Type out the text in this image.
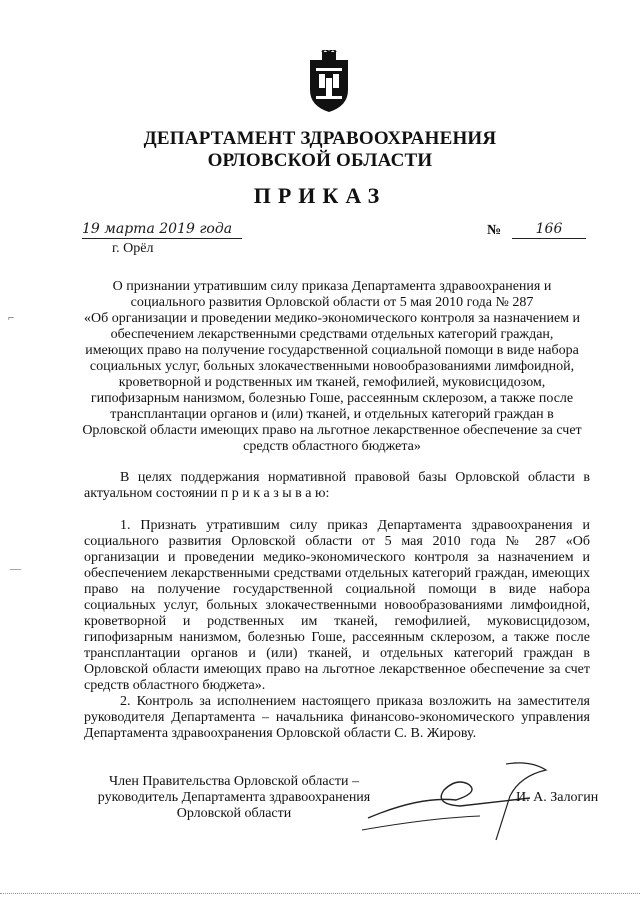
ДЕПАРТАМЕНТ ЗДРАВООХРАНЕНИЯ
ОРЛОВСКОЙ ОБЛАСТИ
ПРИКАЗ
19 марта 2019 года
г. Орёл
№	166
⌐
—
О признании утратившим силу приказа Департамента здравоохранения и
социального развития Орловской области от 5 мая 2010 года № 287
«Об организации и проведении медико-экономического контроля за назначением и
обеспечением лекарственными средствами отдельных категорий граждан,
имеющих право на получение государственной социальной помощи в виде набора
социальных услуг, больных злокачественными новообразованиями лимфоидной,
кроветворной и родственных им тканей, гемофилией, муковисцидозом,
гипофизарным нанизмом, болезнью Гоше, рассеянным склерозом, а также после
трансплантации органов и (или) тканей, и отдельных категорий граждан в
Орловской области имеющих право на льготное лекарственное обеспечение за счет
средств областного бюджета»
В целях поддержания нормативной правовой базы Орловской области в актуальном состоянии п р и к а з ы в а ю:
1. Признать утратившим силу приказ Департамента здравоохранения и социального развития Орловской области от 5 мая 2010 года № 287 «Об организации и проведении медико-экономического контроля за назначением и обеспечением лекарственными средствами отдельных категорий граждан, имеющих право на получение государственной социальной помощи в виде набора социальных услуг, больных злокачественными новообразованиями лимфоидной, кроветворной и родственных им тканей, гемофилией, муковисцидозом, гипофизарным нанизмом, болезнью Гоше, рассеянным склерозом, а также после трансплантации органов и (или) тканей, и отдельных категорий граждан в Орловской области имеющих право на льготное лекарственное обеспечение за счет средств областного бюджета».
2. Контроль за исполнением настоящего приказа возложить на заместителя руководителя Департамента – начальника финансово-экономического управления Департамента здравоохранения Орловской области С. В. Жирову.
Член Правительства Орловской области –
руководитель Департамента здравоохранения
Орловской области
И. А. Залогин
